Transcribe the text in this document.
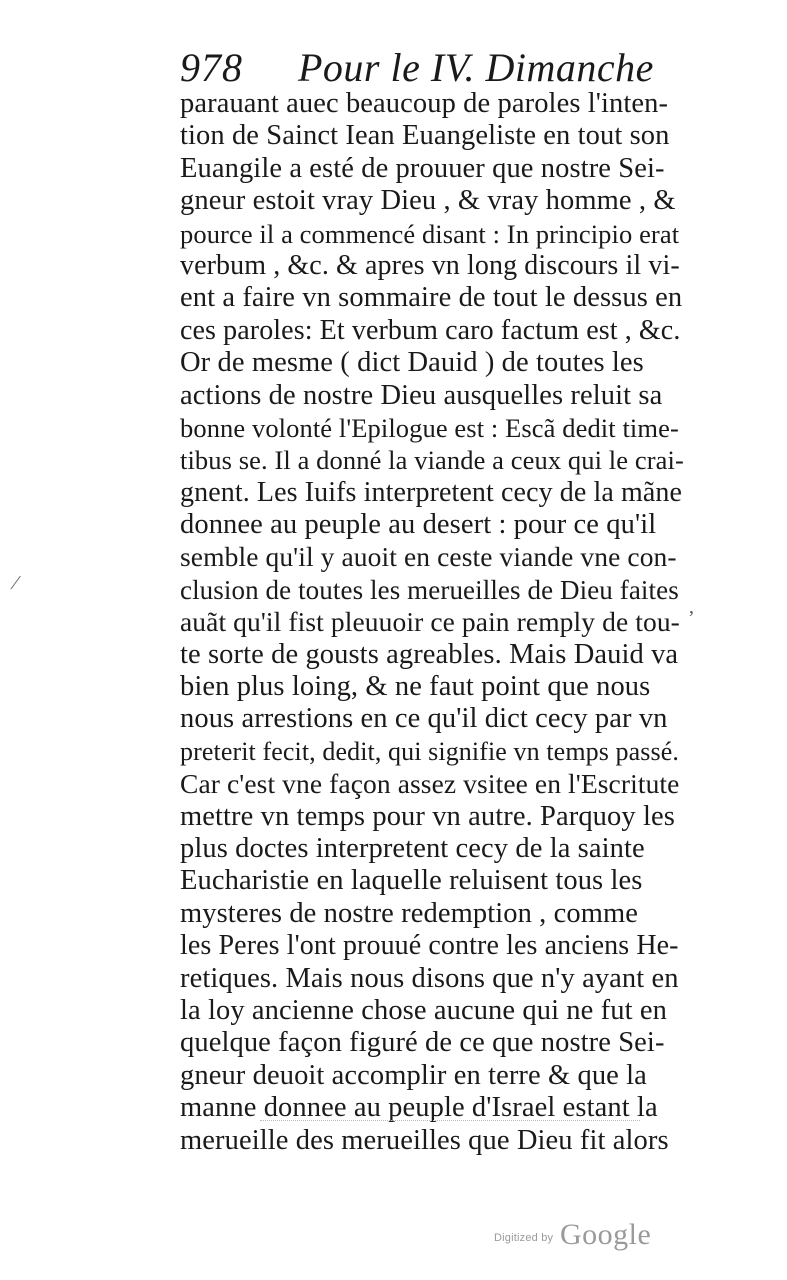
978 Pour le IV. Dimanche
parauant auec beaucoup de paroles l'inten-
tion de Sainct Iean Euangeliste en tout son
Euangile a esté de prouuer que nostre Sei-
gneur estoit vray Dieu , & vray homme , &
pource il a commencé disant : In principio erat
verbum , &c. & apres vn long discours il vi-
ent a faire vn sommaire de tout le dessus en
ces paroles: Et verbum caro factum est , &c.
Or de mesme ( dict Dauid ) de toutes les
actions de nostre Dieu ausquelles reluit sa
bonne volonté l'Epilogue est : Escã dedit time-
tibus se. Il a donné la viande a ceux qui le crai-
gnent. Les Iuifs interpretent cecy de la mãne
donnee au peuple au desert : pour ce qu'il
semble qu'il y auoit en ceste viande vne con-
clusion de toutes les merueilles de Dieu faites
auãt qu'il fist pleuuoir ce pain remply de tou-
te sorte de gousts agreables. Mais Dauid va
bien plus loing, & ne faut point que nous
nous arrestions en ce qu'il dict cecy par vn
preterit fecit, dedit, qui signifie vn temps passé.
Car c'est vne façon assez vsitee en l'Escritute
mettre vn temps pour vn autre. Parquoy les
plus doctes interpretent cecy de la sainte
Eucharistie en laquelle reluisent tous les
mysteres de nostre redemption , comme
les Peres l'ont prouué contre les anciens He-
retiques. Mais nous disons que n'y ayant en
la loy ancienne chose aucune qui ne fut en
quelque façon figuré de ce que nostre Sei-
gneur deuoit accomplir en terre & que la
manne donnee au peuple d'Israel estant la
merueille des merueilles que Dieu fit alors
⁄
‚
Digitized by Google
